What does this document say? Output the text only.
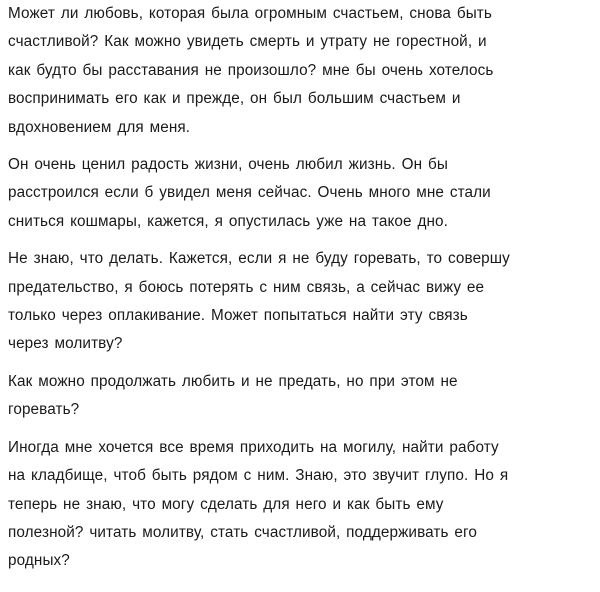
Может ли любовь, которая была огромным счастьем, снова быть
счастливой? Как можно увидеть смерть и утрату не горестной, и
как будто бы расставания не произошло? мне бы очень хотелось
воспринимать его как и прежде, он был большим счастьем и
вдохновением для меня.

Он очень ценил радость жизни, очень любил жизнь. Он бы
расстроился если б увидел меня сейчас. Очень много мне стали
сниться кошмары, кажется, я опустилась уже на такое дно.

Не знаю, что делать. Кажется, если я не буду горевать, то совершу
предательство, я боюсь потерять с ним связь, а сейчас вижу ее
только через оплакивание. Может попытаться найти эту связь
через молитву?

Как можно продолжать любить и не предать, но при этом не
горевать?

Иногда мне хочется все время приходить на могилу, найти работу
на кладбище, чтоб быть рядом с ним. Знаю, это звучит глупо. Но я
теперь не знаю, что могу сделать для него и как быть ему
полезной? читать молитву, стать счастливой, поддерживать его
родных?
